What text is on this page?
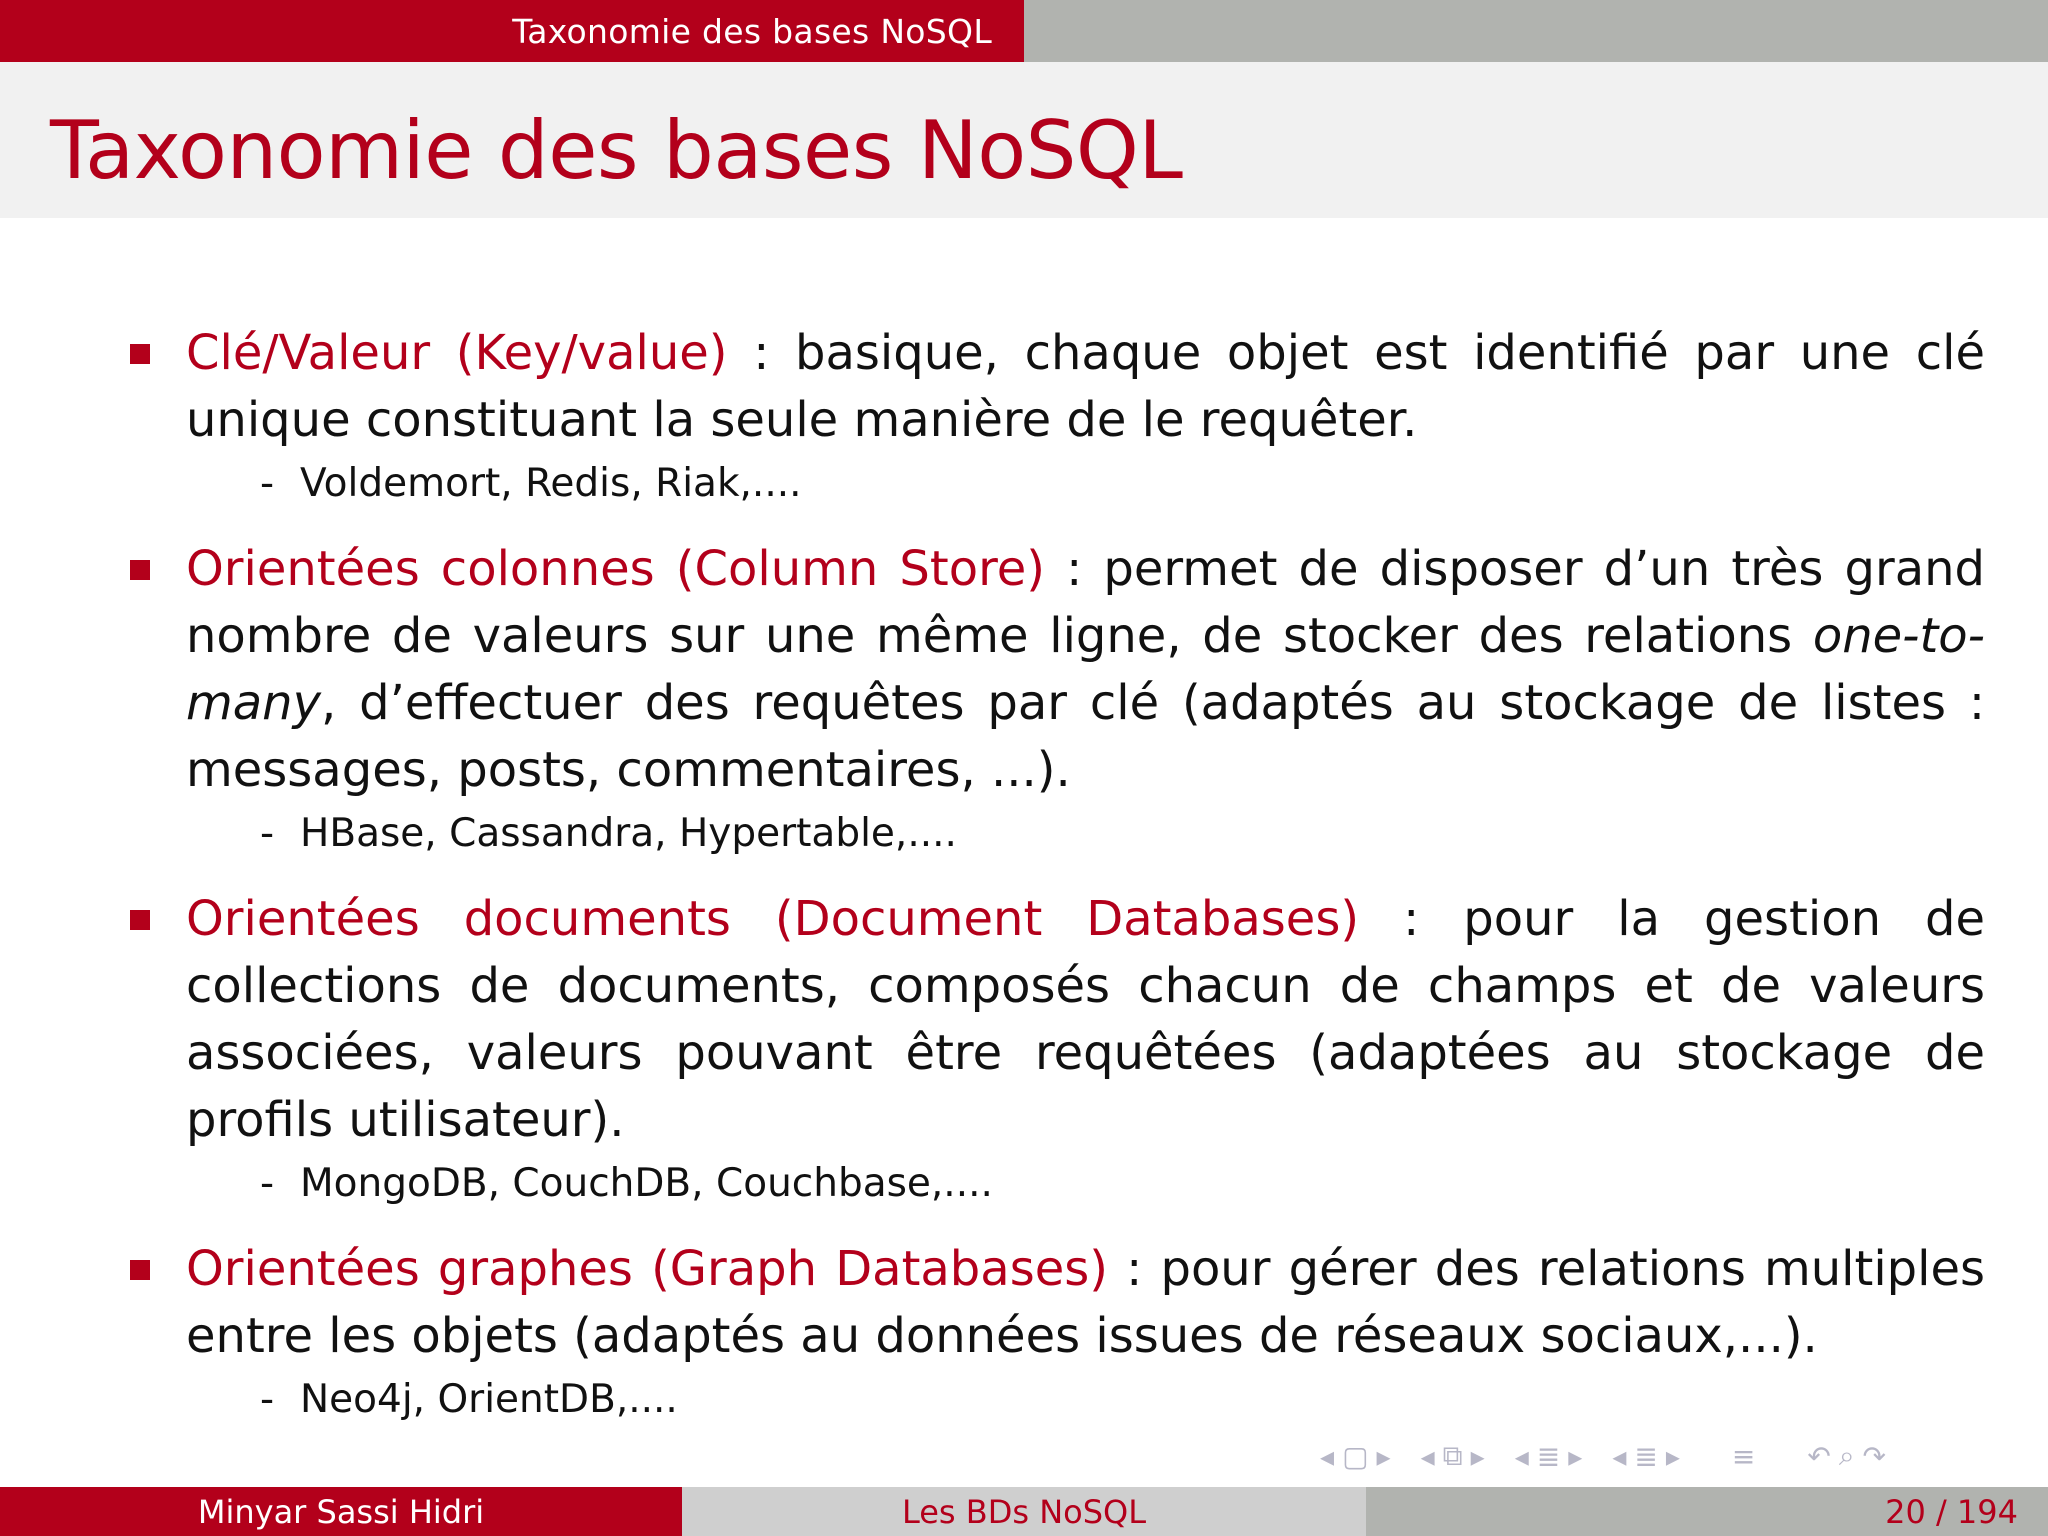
Taxonomie des bases NoSQL
Taxonomie des bases NoSQL

Clé/Valeur (Key/value) : basique, chaque objet est identifié par une clé unique constituant la seule manière de le requêter.

- Voldemort, Redis, Riak,....

Orientées colonnes (Column Store) : permet de disposer d’un très grand nombre de valeurs sur une même ligne, de stocker des relations one-to-many, d’effectuer des requêtes par clé (adaptés au stockage de listes : messages, posts, commentaires, ...).

- HBase, Cassandra, Hypertable,....

Orientées documents (Document Databases) : pour la gestion de collections de documents, composés chacun de champs et de valeurs associées, valeurs pouvant être requêtées (adaptées au stockage de profils utilisateur).

- MongoDB, CouchDB, Couchbase,....

Orientées graphes (Graph Databases) : pour gérer des relations multiples entre les objets (adaptés au données issues de réseaux sociaux,...).

- Neo4j, OrientDB,....
◂ ▢ ▸ ◂ ⧉ ▸ ◂ ≣ ▸ ◂ ≣ ▸ ≡ ↶ ⌕ ↷
Minyar Sassi Hidri	Les BDs NoSQL	20 / 194
